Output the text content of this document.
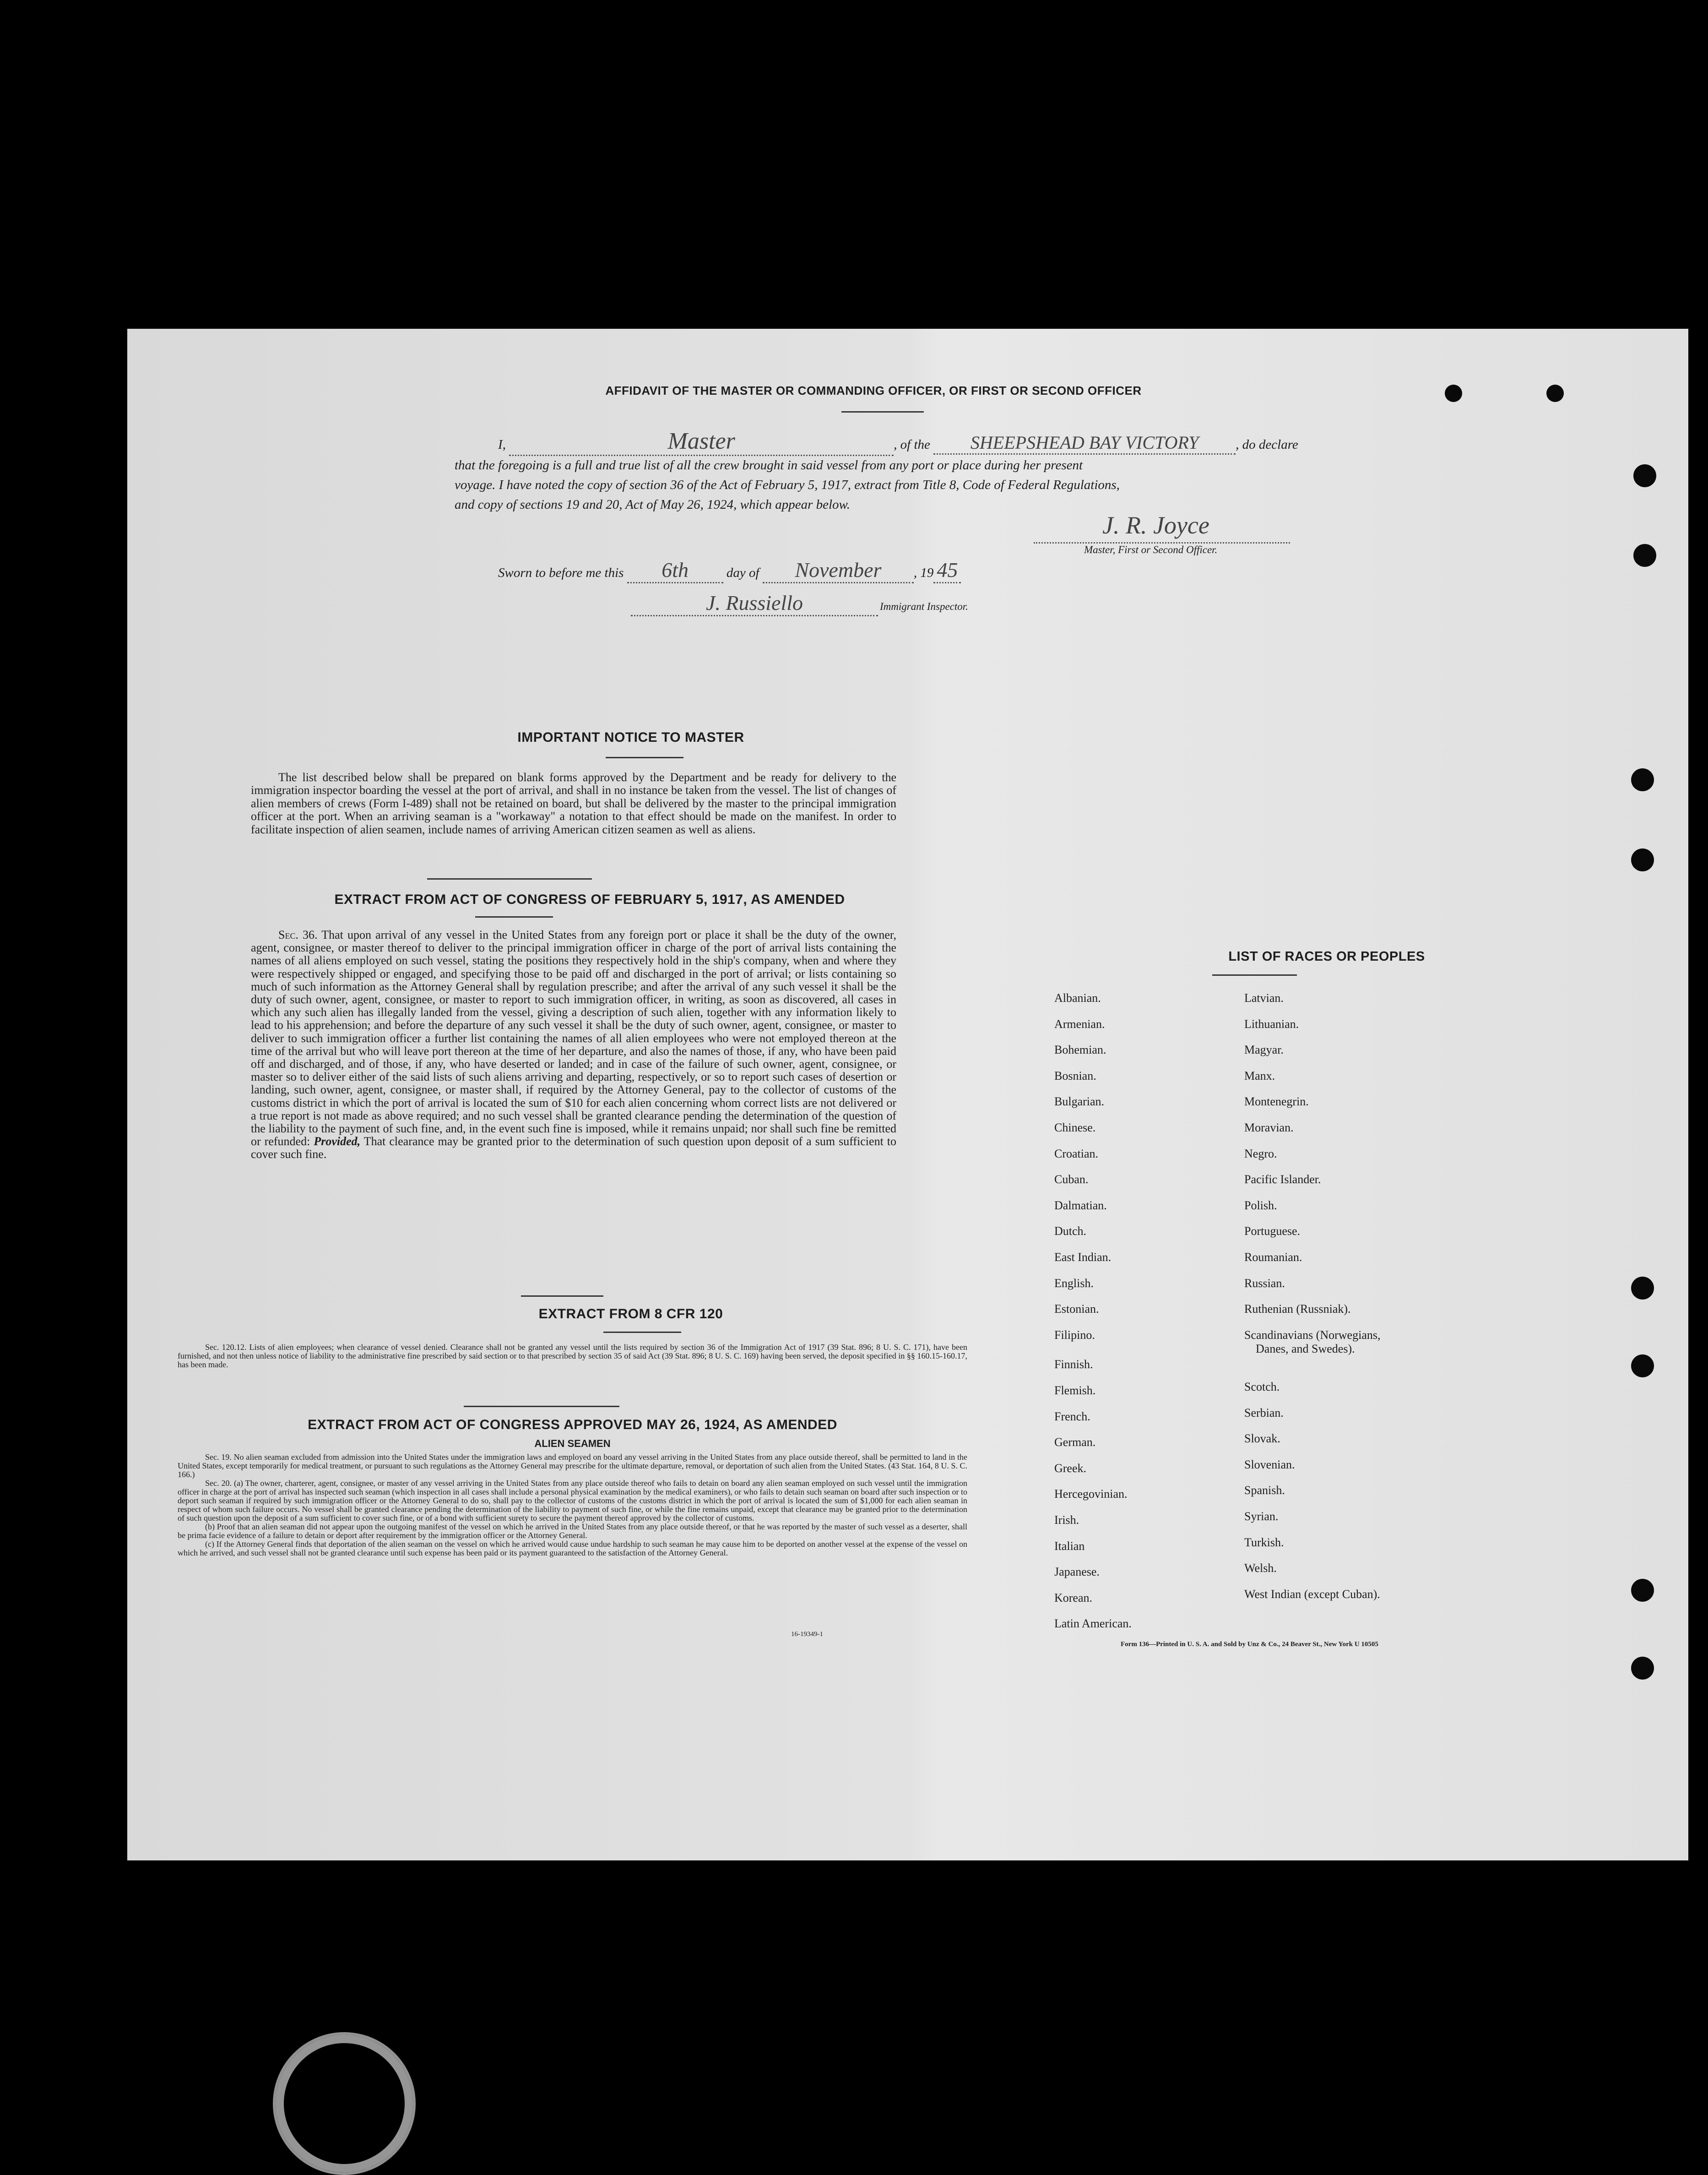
AFFIDAVIT OF THE MASTER OR COMMANDING OFFICER, OR FIRST OR SECOND OFFICER
I,	Master	, of the SHEEPSHEAD BAY VICTORY	, do declare
that the foregoing is a full and true list of all the crew brought in said vessel from any port or place during her present
voyage. I have noted the copy of section 36 of the Act of February 5, 1917, extract from Title 8, Code of Federal Regulations,
and copy of sections 19 and 20, Act of May 26, 1924, which appear below.
J. R. Joyce
Master, First or Second Officer.
Sworn to before me this 6th	day of November , 19 45
J. Russiello	Immigrant Inspector.
IMPORTANT NOTICE TO MASTER
The list described below shall be prepared on blank forms approved by the Department and be ready for delivery to the immigration inspector boarding the vessel at the port of arrival, and shall in no instance be taken from the vessel. The list of changes of alien members of crews (Form I-489) shall not be retained on board, but shall be delivered by the master to the principal immigration officer at the port. When an arriving seaman is a "workaway" a notation to that effect should be made on the manifest. In order to facilitate inspection of alien seamen, include names of arriving American citizen seamen as well as aliens.
EXTRACT FROM ACT OF CONGRESS OF FEBRUARY 5, 1917, AS AMENDED
Sec. 36. That upon arrival of any vessel in the United States from any foreign port or place it shall be the duty of the owner, agent, consignee, or master thereof to deliver to the principal immigration officer in charge of the port of arrival lists containing the names of all aliens employed on such vessel, stating the positions they respectively hold in the ship's company, when and where they were respectively shipped or engaged, and specifying those to be paid off and discharged in the port of arrival; or lists containing so much of such information as the Attorney General shall by regulation prescribe; and after the arrival of any such vessel it shall be the duty of such owner, agent, consignee, or master to report to such immigration officer, in writing, as soon as discovered, all cases in which any such alien has illegally landed from the vessel, giving a description of such alien, together with any information likely to lead to his apprehension; and before the departure of any such vessel it shall be the duty of such owner, agent, consignee, or master to deliver to such immigration officer a further list containing the names of all alien employees who were not employed thereon at the time of the arrival but who will leave port thereon at the time of her departure, and also the names of those, if any, who have been paid off and discharged, and of those, if any, who have deserted or landed; and in case of the failure of such owner, agent, consignee, or master so to deliver either of the said lists of such aliens arriving and departing, respectively, or so to report such cases of desertion or landing, such owner, agent, consignee, or master shall, if required by the Attorney General, pay to the collector of customs of the customs district in which the port of arrival is located the sum of $10 for each alien concerning whom correct lists are not delivered or a true report is not made as above required; and no such vessel shall be granted clearance pending the determination of the question of the liability to the payment of such fine, and, in the event such fine is imposed, while it remains unpaid; nor shall such fine be remitted or refunded: Provided, That clearance may be granted prior to the determination of such question upon deposit of a sum sufficient to cover such fine.
EXTRACT FROM 8 CFR 120
Sec. 120.12. Lists of alien employees; when clearance of vessel denied. Clearance shall not be granted any vessel until the lists required by section 36 of the Immigration Act of 1917 (39 Stat. 896; 8 U. S. C. 171), have been furnished, and not then unless notice of liability to the administrative fine prescribed by said section or to that prescribed by section 35 of said Act (39 Stat. 896; 8 U. S. C. 169) having been served, the deposit specified in §§ 160.15-160.17, has been made.
EXTRACT FROM ACT OF CONGRESS APPROVED MAY 26, 1924, AS AMENDED
ALIEN SEAMEN
Sec. 19. No alien seaman excluded from admission into the United States under the immigration laws and employed on board any vessel arriving in the United States from any place outside thereof, shall be permitted to land in the United States, except temporarily for medical treatment, or pursuant to such regulations as the Attorney General may prescribe for the ultimate departure, removal, or deportation of such alien from the United States. (43 Stat. 164, 8 U. S. C. 166.)
Sec. 20. (a) The owner, charterer, agent, consignee, or master of any vessel arriving in the United States from any place outside thereof who fails to detain on board any alien seaman employed on such vessel until the immigration officer in charge at the port of arrival has inspected such seaman (which inspection in all cases shall include a personal physical examination by the medical examiners), or who fails to detain such seaman on board after such inspection or to deport such seaman if required by such immigration officer or the Attorney General to do so, shall pay to the collector of customs of the customs district in which the port of arrival is located the sum of $1,000 for each alien seaman in respect of whom such failure occurs. No vessel shall be granted clearance pending the determination of the liability to payment of such fine, or while the fine remains unpaid, except that clearance may be granted prior to the determination of such question upon the deposit of a sum sufficient to cover such fine, or of a bond with sufficient surety to secure the payment thereof approved by the collector of customs.
(b) Proof that an alien seaman did not appear upon the outgoing manifest of the vessel on which he arrived in the United States from any place outside thereof, or that he was reported by the master of such vessel as a deserter, shall be prima facie evidence of a failure to detain or deport after requirement by the immigration officer or the Attorney General.
(c) If the Attorney General finds that deportation of the alien seaman on the vessel on which he arrived would cause undue hardship to such seaman he may cause him to be deported on another vessel at the expense of the vessel on which he arrived, and such vessel shall not be granted clearance until such expense has been paid or its payment guaranteed to the satisfaction of the Attorney General.
16-19349-1
LIST OF RACES OR PEOPLES
Form 136—Printed in U. S. A. and Sold by Unz & Co., 24 Beaver St., New York U 10505
Albanian.
Armenian.
Bohemian.
Bosnian.
Bulgarian.
Chinese.
Croatian.
Cuban.
Dalmatian.
Dutch.
East Indian.
English.
Estonian.
Filipino.
Finnish.
Flemish.
French.
German.
Greek.
Hercegovinian.
Irish.
Italian
Japanese.
Korean.
Latin American.
Latvian.
Lithuanian.
Magyar.
Manx.
Montenegrin.
Moravian.
Negro.
Pacific Islander.
Polish.
Portuguese.
Roumanian.
Russian.
Ruthenian (Russniak).
Scandinavians (Norwegians,
Danes, and Swedes).
Scotch.
Serbian.
Slovak.
Slovenian.
Spanish.
Syrian.
Turkish.
Welsh.
West Indian (except Cuban).
